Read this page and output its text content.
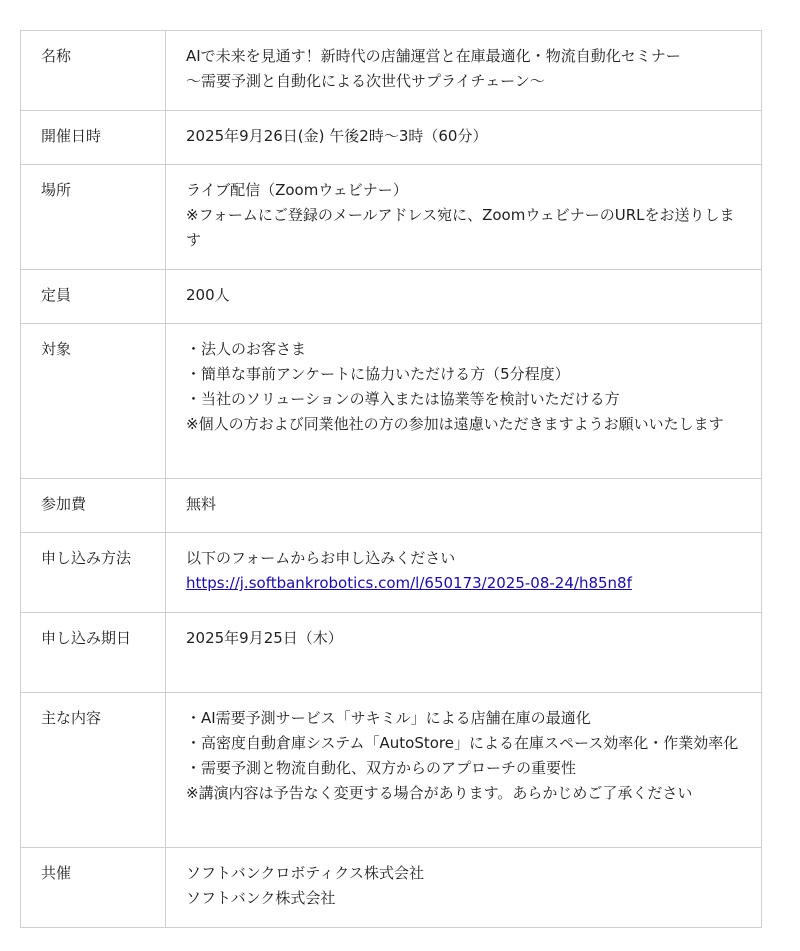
名称	AIで未来を見通す！新時代の店舗運営と在庫最適化・物流自動化セミナー
～需要予測と自動化による次世代サプライチェーン～

開催日時	2025年9月26日(金) 午後2時～3時（60分）

場所	ライブ配信（Zoomウェビナー）
※フォームにご登録のメールアドレス宛に、ZoomウェビナーのURLをお送りします

定員	200人

対象	・法人のお客さま
・簡単な事前アンケートに協力いただける方（5分程度）
・当社のソリューションの導入または協業等を検討いただける方
※個人の方および同業他社の方の参加は遠慮いただきますようお願いいたします

参加費	無料

申し込み方法	以下のフォームからお申し込みください
https://j.softbankrobotics.com/l/650173/2025-08-24/h85n8f

申し込み期日	2025年9月25日（木）

主な内容	・AI需要予測サービス「サキミル」による店舗在庫の最適化
・高密度自動倉庫システム「AutoStore」による在庫スペース効率化・作業効率化
・需要予測と物流自動化、双方からのアプローチの重要性
※講演内容は予告なく変更する場合があります。あらかじめご了承ください

共催	ソフトバンクロボティクス株式会社
ソフトバンク株式会社
